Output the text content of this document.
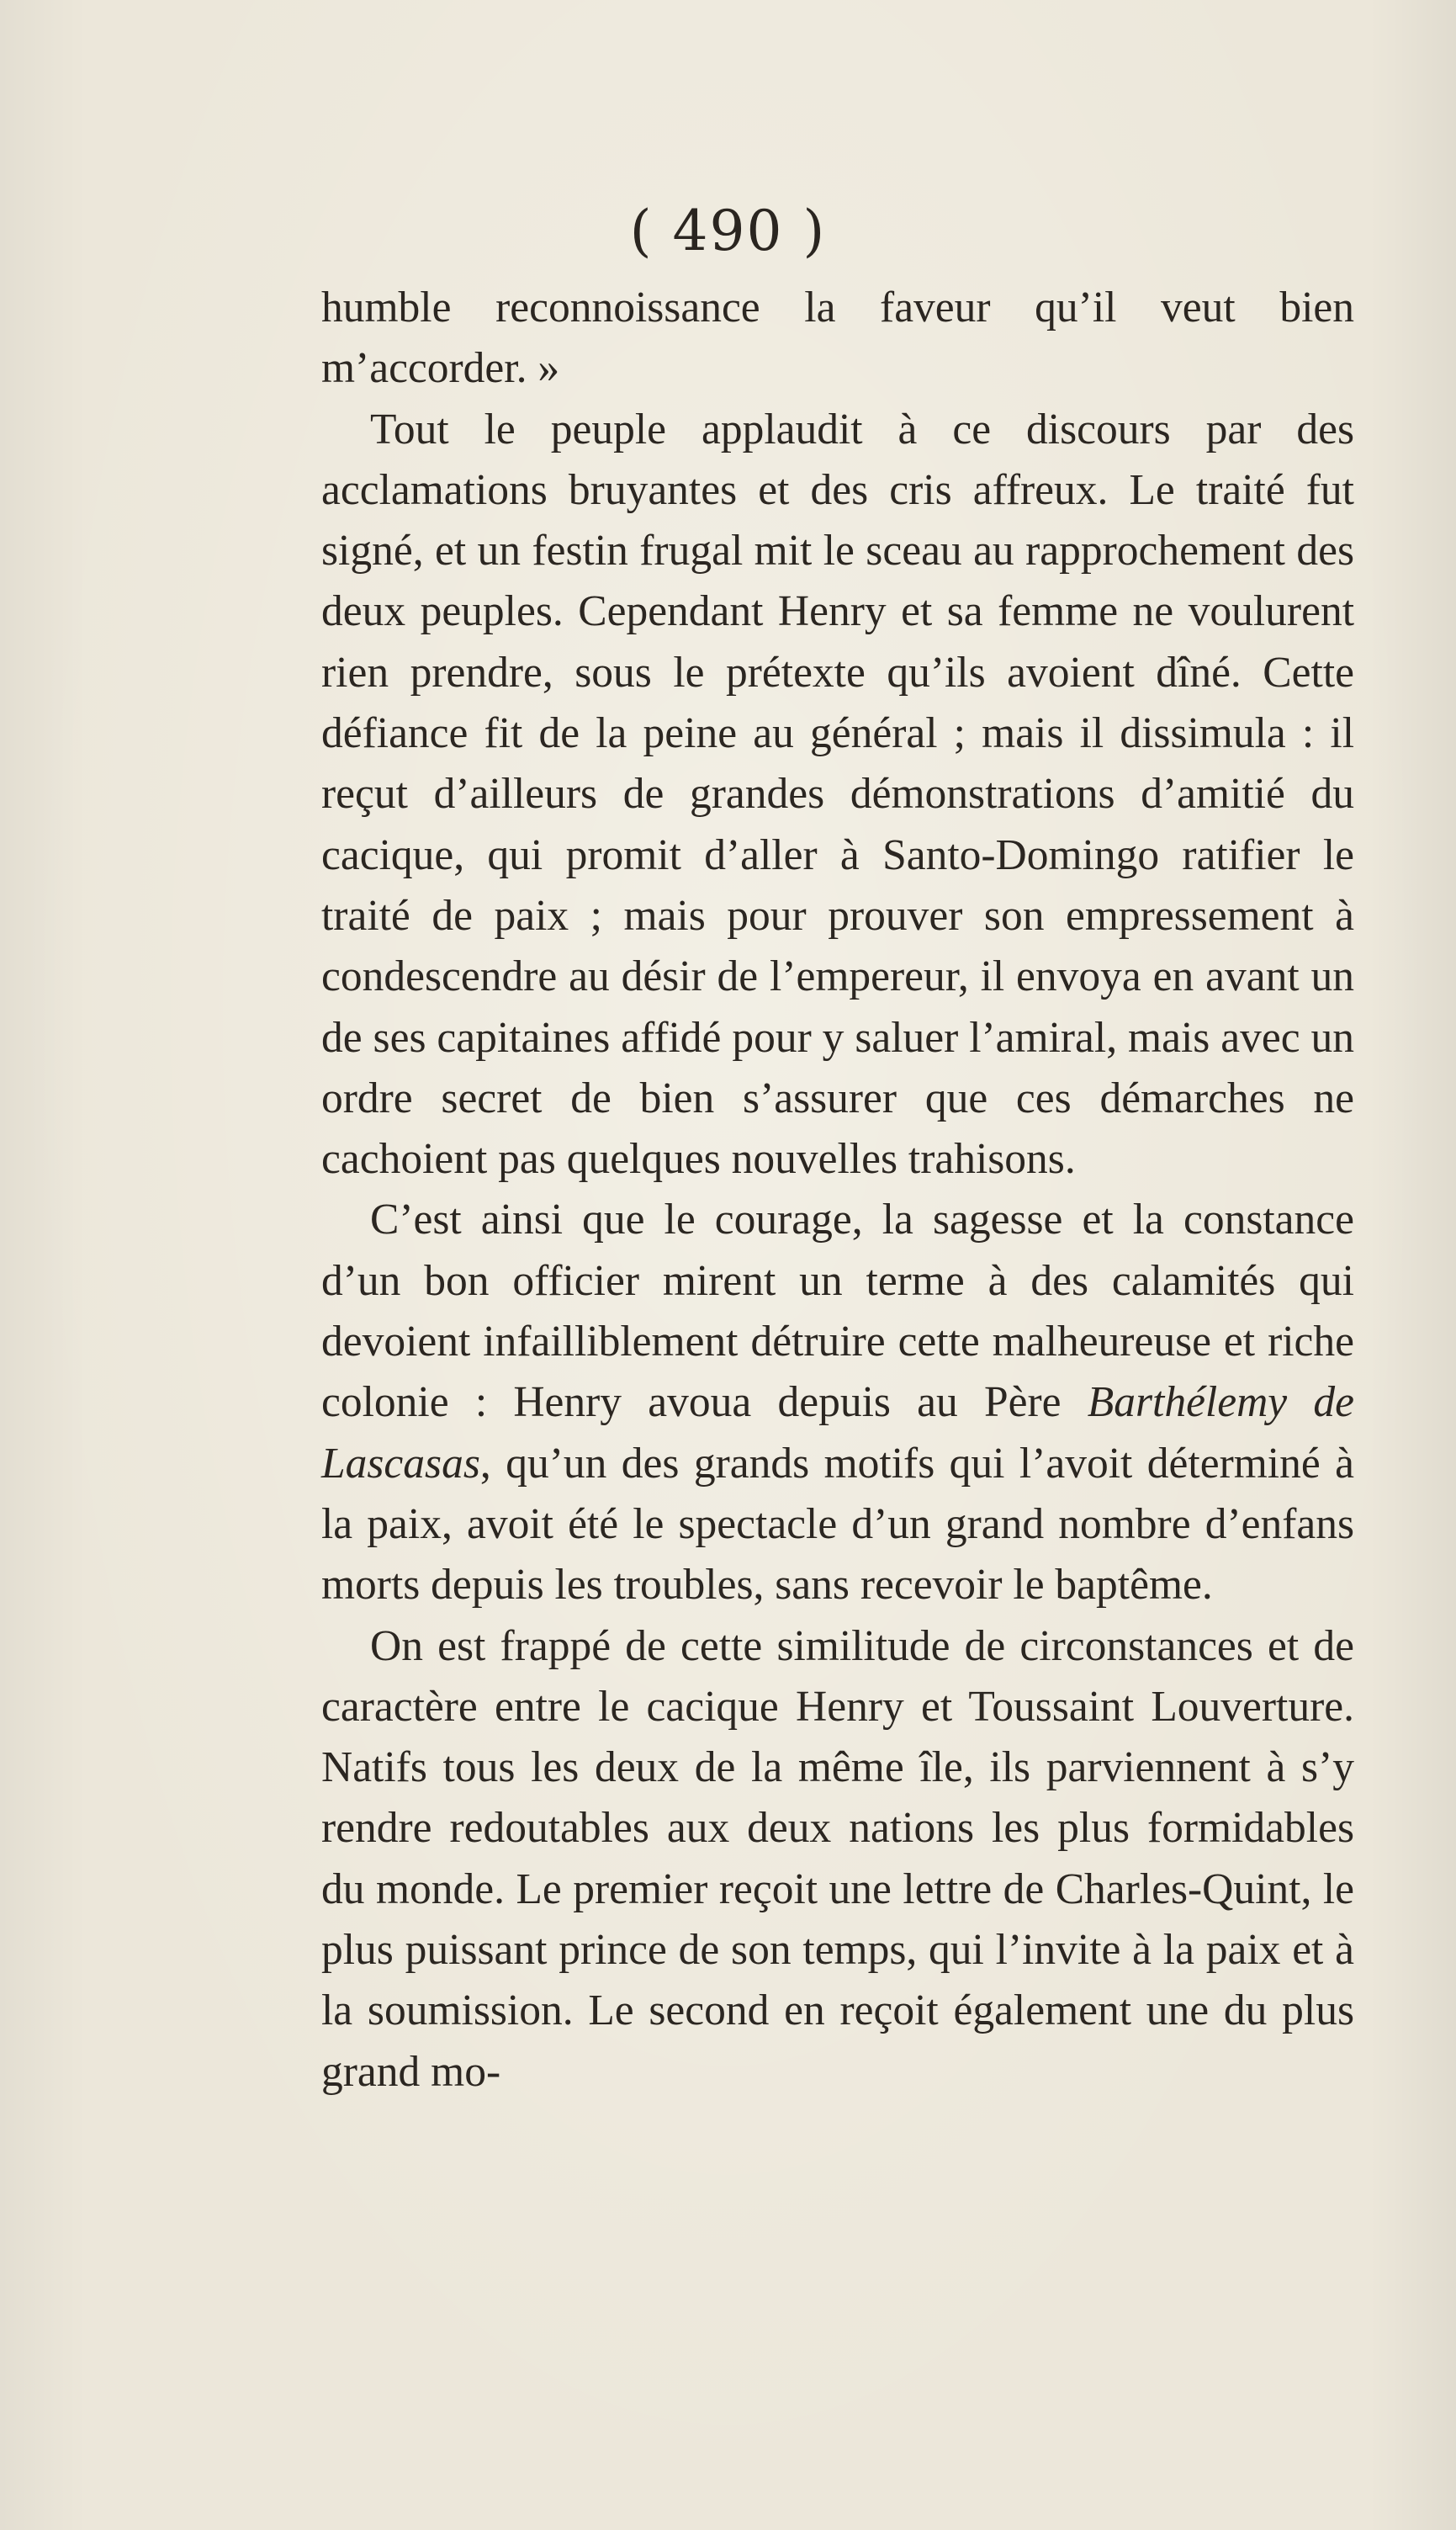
( 490 )

humble reconnoissance la faveur qu’il veut bien m’accorder. »

Tout le peuple applaudit à ce discours par des acclamations bruyantes et des cris affreux. Le traité fut signé, et un festin frugal mit le sceau au rapprochement des deux peuples. Cependant Henry et sa femme ne voulurent rien prendre, sous le prétexte qu’ils avoient dîné. Cette défiance fit de la peine au général ; mais il dissimula : il reçut d’ailleurs de grandes démonstrations d’amitié du cacique, qui promit d’aller à Santo-Domingo ratifier le traité de paix ; mais pour prouver son empressement à condescendre au désir de l’empereur, il envoya en avant un de ses capitaines affidé pour y saluer l’amiral, mais avec un ordre secret de bien s’assurer que ces démarches ne cachoient pas quelques nouvelles trahisons.

C’est ainsi que le courage, la sagesse et la constance d’un bon officier mirent un terme à des calamités qui devoient infailliblement détruire cette malheureuse et riche colonie : Henry avoua depuis au Père Barthélemy de Lascasas, qu’un des grands motifs qui l’avoit déterminé à la paix, avoit été le spectacle d’un grand nombre d’enfans morts depuis les troubles, sans recevoir le baptême.

On est frappé de cette similitude de circonstances et de caractère entre le cacique Henry et Toussaint Louverture. Natifs tous les deux de la même île, ils parviennent à s’y rendre redoutables aux deux nations les plus formidables du monde. Le premier reçoit une lettre de Charles-Quint, le plus puissant prince de son temps, qui l’invite à la paix et à la soumission. Le second en reçoit également une du plus grand mo-
